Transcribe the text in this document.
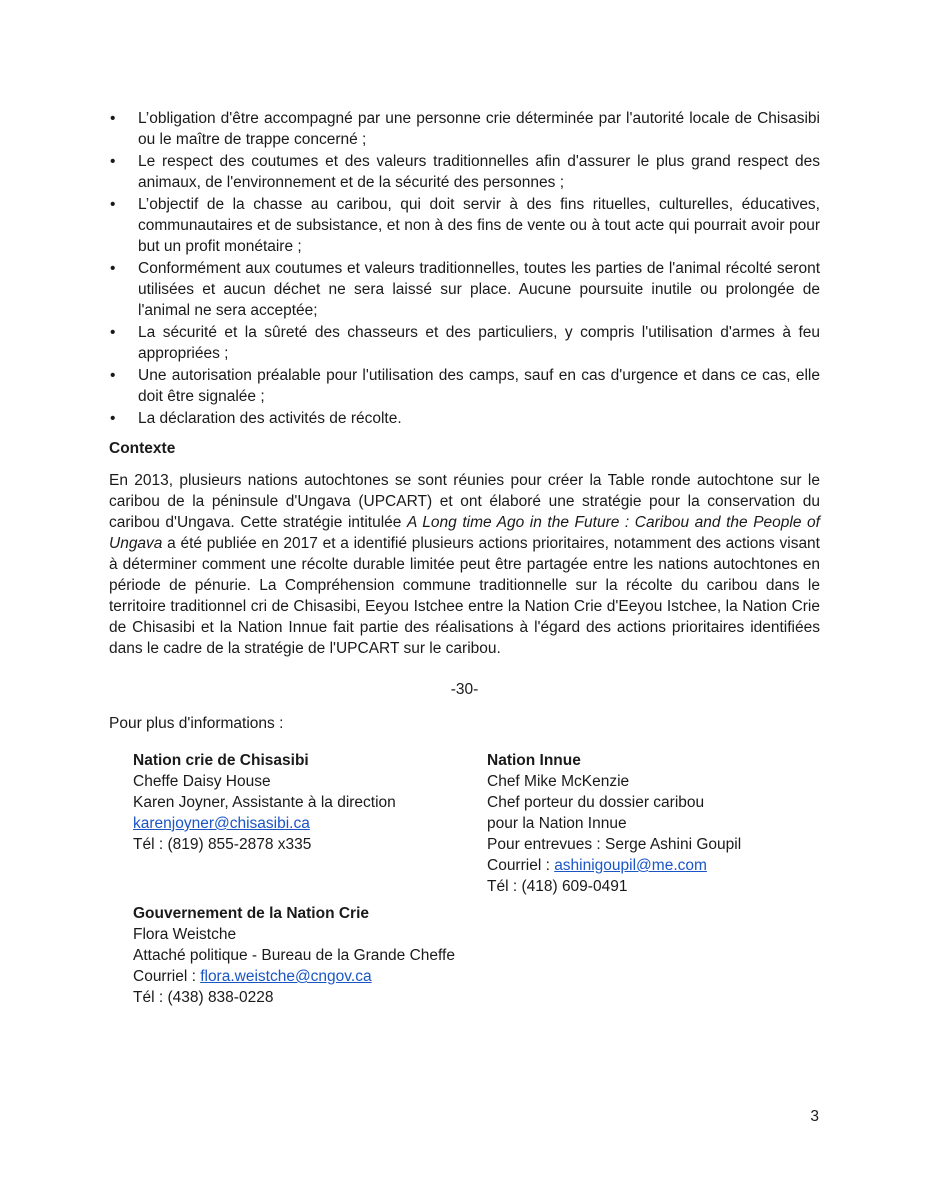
• L’obligation d'être accompagné par une personne crie déterminée par l'autorité locale de Chisasibi ou le maître de trappe concerné ;
• Le respect des coutumes et des valeurs traditionnelles afin d'assurer le plus grand respect des animaux, de l'environnement et de la sécurité des personnes ;
• L’objectif de la chasse au caribou, qui doit servir à des fins rituelles, culturelles, éducatives, communautaires et de subsistance, et non à des fins de vente ou à tout acte qui pourrait avoir pour but un profit monétaire ;
• Conformément aux coutumes et valeurs traditionnelles, toutes les parties de l'animal récolté seront utilisées et aucun déchet ne sera laissé sur place. Aucune poursuite inutile ou prolongée de l'animal ne sera acceptée;
• La sécurité et la sûreté des chasseurs et des particuliers, y compris l'utilisation d'armes à feu appropriées ;
• Une autorisation préalable pour l'utilisation des camps, sauf en cas d'urgence et dans ce cas, elle doit être signalée ;
• La déclaration des activités de récolte.
Contexte

En 2013, plusieurs nations autochtones se sont réunies pour créer la Table ronde autochtone sur le caribou de la péninsule d'Ungava (UPCART) et ont élaboré une stratégie pour la conservation du caribou d'Ungava. Cette stratégie intitulée A Long time Ago in the Future : Caribou and the People of Ungava a été publiée en 2017 et a identifié plusieurs actions prioritaires, notamment des actions visant à déterminer comment une récolte durable limitée peut être partagée entre les nations autochtones en période de pénurie. La Compréhension commune traditionnelle sur la récolte du caribou dans le territoire traditionnel cri de Chisasibi, Eeyou Istchee entre la Nation Crie d'Eeyou Istchee, la Nation Crie de Chisasibi et la Nation Innue fait partie des réalisations à l'égard des actions prioritaires identifiées dans le cadre de la stratégie de l'UPCART sur le caribou.

-30-
Pour plus d'informations :
Nation crie de Chisasibi
Cheffe Daisy House
Karen Joyner, Assistante à la direction
karenjoyner@chisasibi.ca
Tél : (819) 855-2878 x335
Nation Innue
Chef Mike McKenzie
Chef porteur du dossier caribou
pour la Nation Innue
Pour entrevues : Serge Ashini Goupil
Courriel : ashinigoupil@me.com
Tél : (418) 609-0491
Gouvernement de la Nation Crie
Flora Weistche
Attaché politique - Bureau de la Grande Cheffe
Courriel : flora.weistche@cngov.ca
Tél : (438) 838-0228
3
